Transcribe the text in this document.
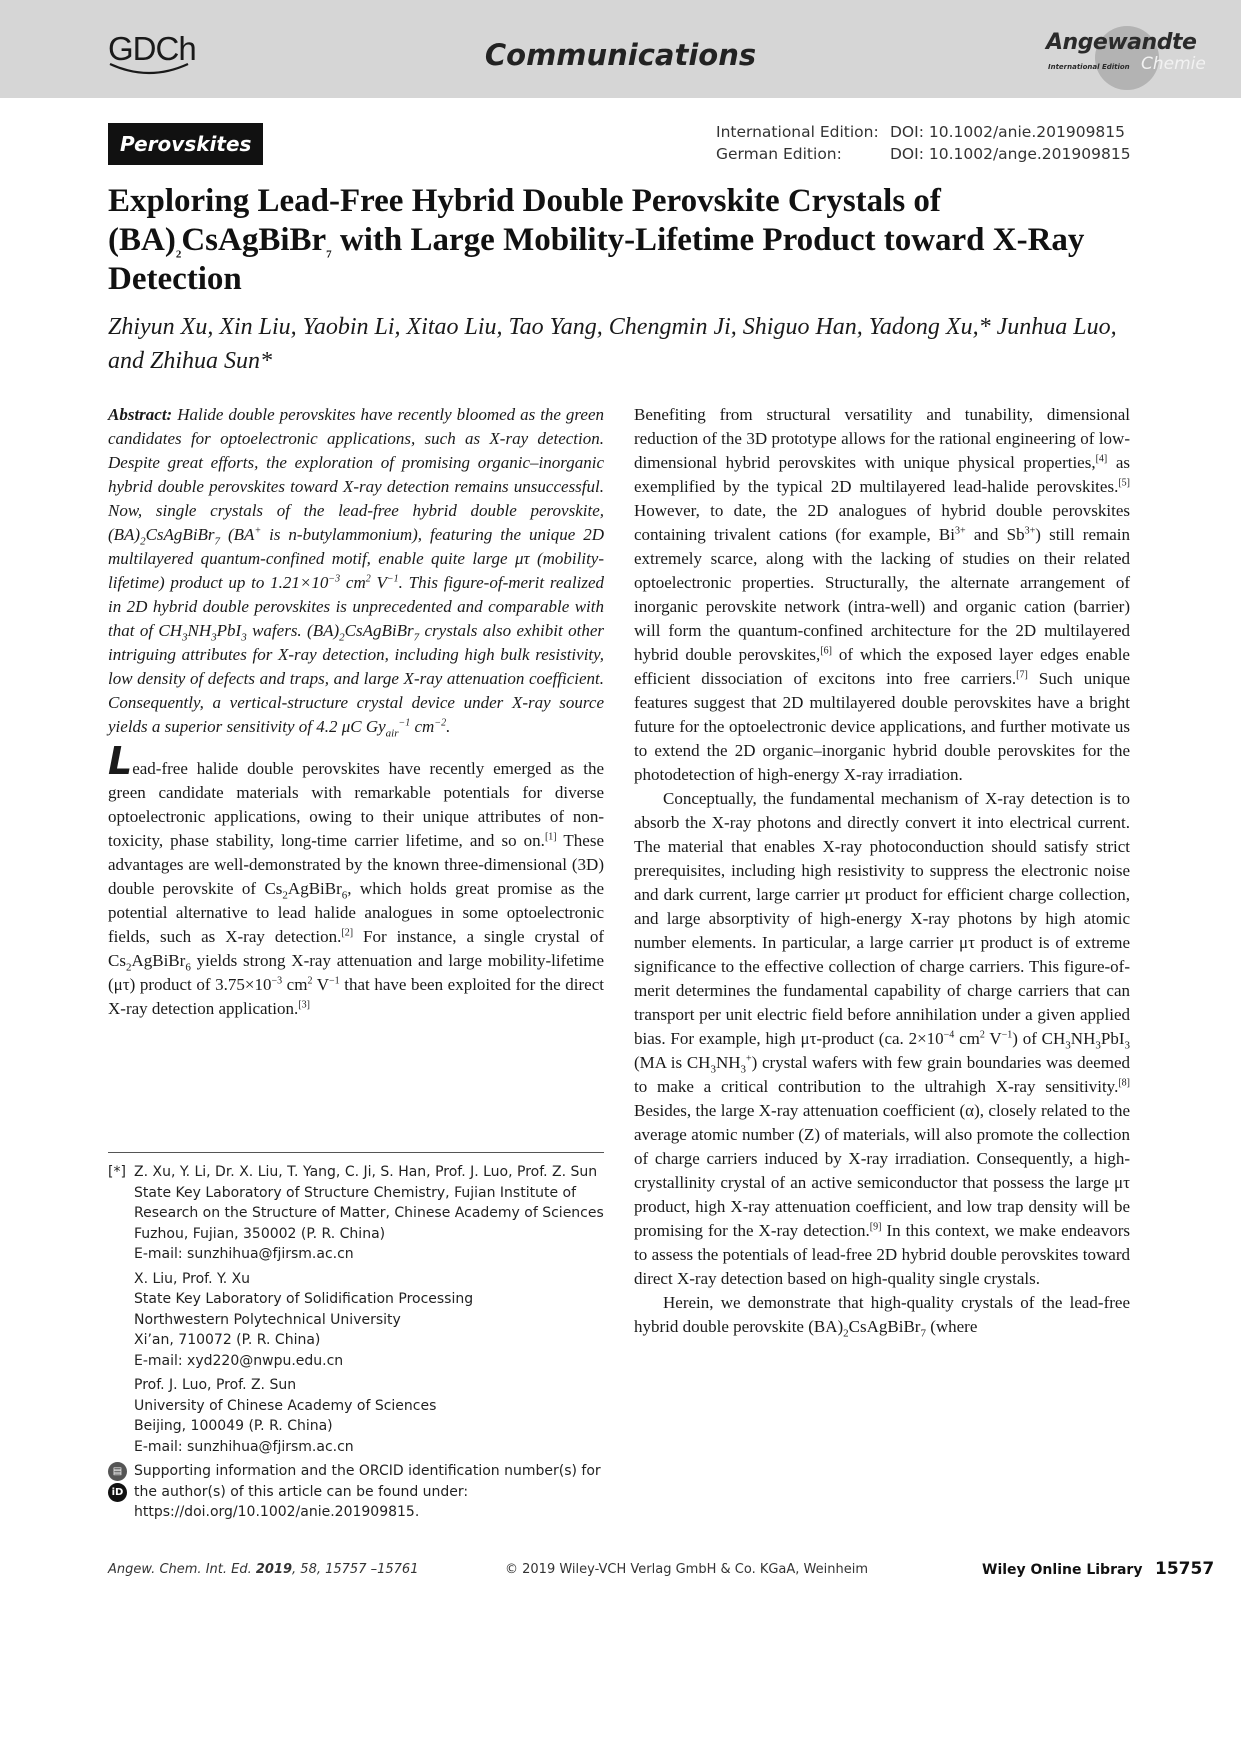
GDCh	Communications	Angewandte
International Edition Chemie
Perovskites	International Edition: DOI: 10.1002/anie.201909815
German Edition:	DOI: 10.1002/ange.201909815
Exploring Lead-Free Hybrid Double Perovskite Crystals of $(BA)_2CsAgBiBr_7$ with Large Mobility-Lifetime Product toward X-Ray Detection

Zhiyun Xu, Xin Liu, Yaobin Li, Xitao Liu, Tao Yang, Chengmin Ji, Shiguo Han, Yadong Xu,* Junhua Luo, and Zhihua Sun*

Abstract: Halide double perovskites have recently bloomed as the green candidates for optoelectronic applications, such as X-ray detection. Despite great efforts, the exploration of promising organic–inorganic hybrid double perovskites toward X-ray detection remains unsuccessful. Now, single crystals of the lead-free hybrid double perovskite, $(BA)_2CsAgBiBr_7$ (BA+ is n-butylammonium), featuring the unique 2D multilayered quantum-confined motif, enable quite large μτ (mobility-lifetime) product up to $1.21\times 10^{-3}$ $cm^2$ $V^{-1}$. This figure-of-merit realized in 2D hybrid double perovskites is unprecedented and comparable with that of $CH_3NH_3PbI_3$ wafers. $(BA)_2CsAgBiBr_7$ crystals also exhibit other intriguing attributes for X-ray detection, including high bulk resistivity, low density of defects and traps, and large X-ray attenuation coefficient. Consequently, a vertical-structure crystal device under X-ray source yields a superior sensitivity of 4.2 μC $Gy_{air}^{-1}$ $cm^{-2}$.

Lead-free halide double perovskites have recently emerged as the green candidate materials with remarkable potentials for diverse optoelectronic applications, owing to their unique attributes of non-toxicity, phase stability, long-time carrier lifetime, and so on.[1] These advantages are well-demonstrated by the known three-dimensional (3D) double perovskite of $Cs_2AgBiBr_6$, which holds great promise as the potential alternative to lead halide analogues in some optoelectronic fields, such as X-ray detection.[2] For instance, a single crystal of $Cs_2AgBiBr_6$ yields strong X-ray attenuation and large mobility-lifetime (μτ) product of $3.75\times 10^{-3}$ $cm^2$ $V^{-1}$ that have been exploited for the direct X-ray detection application.[3]

Benefiting from structural versatility and tunability, dimensional reduction of the 3D prototype allows for the rational engineering of low-dimensional hybrid perovskites with unique physical properties,[4] as exemplified by the typical 2D multilayered lead-halide perovskites.[5] However, to date, the 2D analogues of hybrid double perovskites containing trivalent cations (for example, $Bi^{3+}$ and $Sb^{3+}$) still remain extremely scarce, along with the lacking of studies on their related optoelectronic properties. Structurally, the alternate arrangement of inorganic perovskite network (intra-well) and organic cation (barrier) will form the quantum-confined architecture for the 2D multilayered hybrid double perovskites,[6] of which the exposed layer edges enable efficient dissociation of excitons into free carriers.[7] Such unique features suggest that 2D multilayered double perovskites have a bright future for the optoelectronic device applications, and further motivate us to extend the 2D organic–inorganic hybrid double perovskites for the photodetection of high-energy X-ray irradiation.

Conceptually, the fundamental mechanism of X-ray detection is to absorb the X-ray photons and directly convert it into electrical current. The material that enables X-ray photoconduction should satisfy strict prerequisites, including high resistivity to suppress the electronic noise and dark current, large carrier μτ product for efficient charge collection, and large absorptivity of high-energy X-ray photons by high atomic number elements. In particular, a large carrier μτ product is of extreme significance to the effective collection of charge carriers. This figure-of-merit determines the fundamental capability of charge carriers that can transport per unit electric field before annihilation under a given applied bias. For example, high μτ-product (ca. $2\times 10^{-4}$ $cm^2$ $V^{-1}$) of $CH_3NH_3PbI_3$ (MA is $CH_3NH_3^+$) crystal wafers with few grain boundaries was deemed to make a critical contribution to the ultrahigh X-ray sensitivity.[8] Besides, the large X-ray attenuation coefficient (α), closely related to the average atomic number (Z) of materials, will also promote the collection of charge carriers induced by X-ray irradiation. Consequently, a high-crystallinity crystal of an active semiconductor that possess the large μτ product, high X-ray attenuation coefficient, and low trap density will be promising for the X-ray detection.[9] In this context, we make endeavors to assess the potentials of lead-free 2D hybrid double perovskites toward direct X-ray detection based on high-quality single crystals.

Herein, we demonstrate that high-quality crystals of the lead-free hybrid double perovskite $(BA)_2CsAgBiBr_7$ (where

[*] Z. Xu, Y. Li, Dr. X. Liu, T. Yang, C. Ji, S. Han, Prof. J. Luo, Prof. Z. Sun
State Key Laboratory of Structure Chemistry, Fujian Institute of Research on the Structure of Matter, Chinese Academy of Sciences
Fuzhou, Fujian, 350002 (P. R. China)
E-mail: sunzhihua@fjirsm.ac.cn
X. Liu, Prof. Y. Xu
State Key Laboratory of Solidification Processing
Northwestern Polytechnical University
Xi’an, 710072 (P. R. China)
E-mail: xyd220@nwpu.edu.cn
Prof. J. Luo, Prof. Z. Sun
University of Chinese Academy of Sciences
Beijing, 100049 (P. R. China)
E-mail: sunzhihua@fjirsm.ac.cn
▤
iD
Supporting information and the ORCID identification number(s) for the author(s) of this article can be found under:
https://doi.org/10.1002/anie.201909815.
Angew. Chem. Int. Ed. 2019, 58, 15757 –15761	© 2019 Wiley-VCH Verlag GmbH & Co. KGaA, Weinheim	Wiley Online Library 15757
